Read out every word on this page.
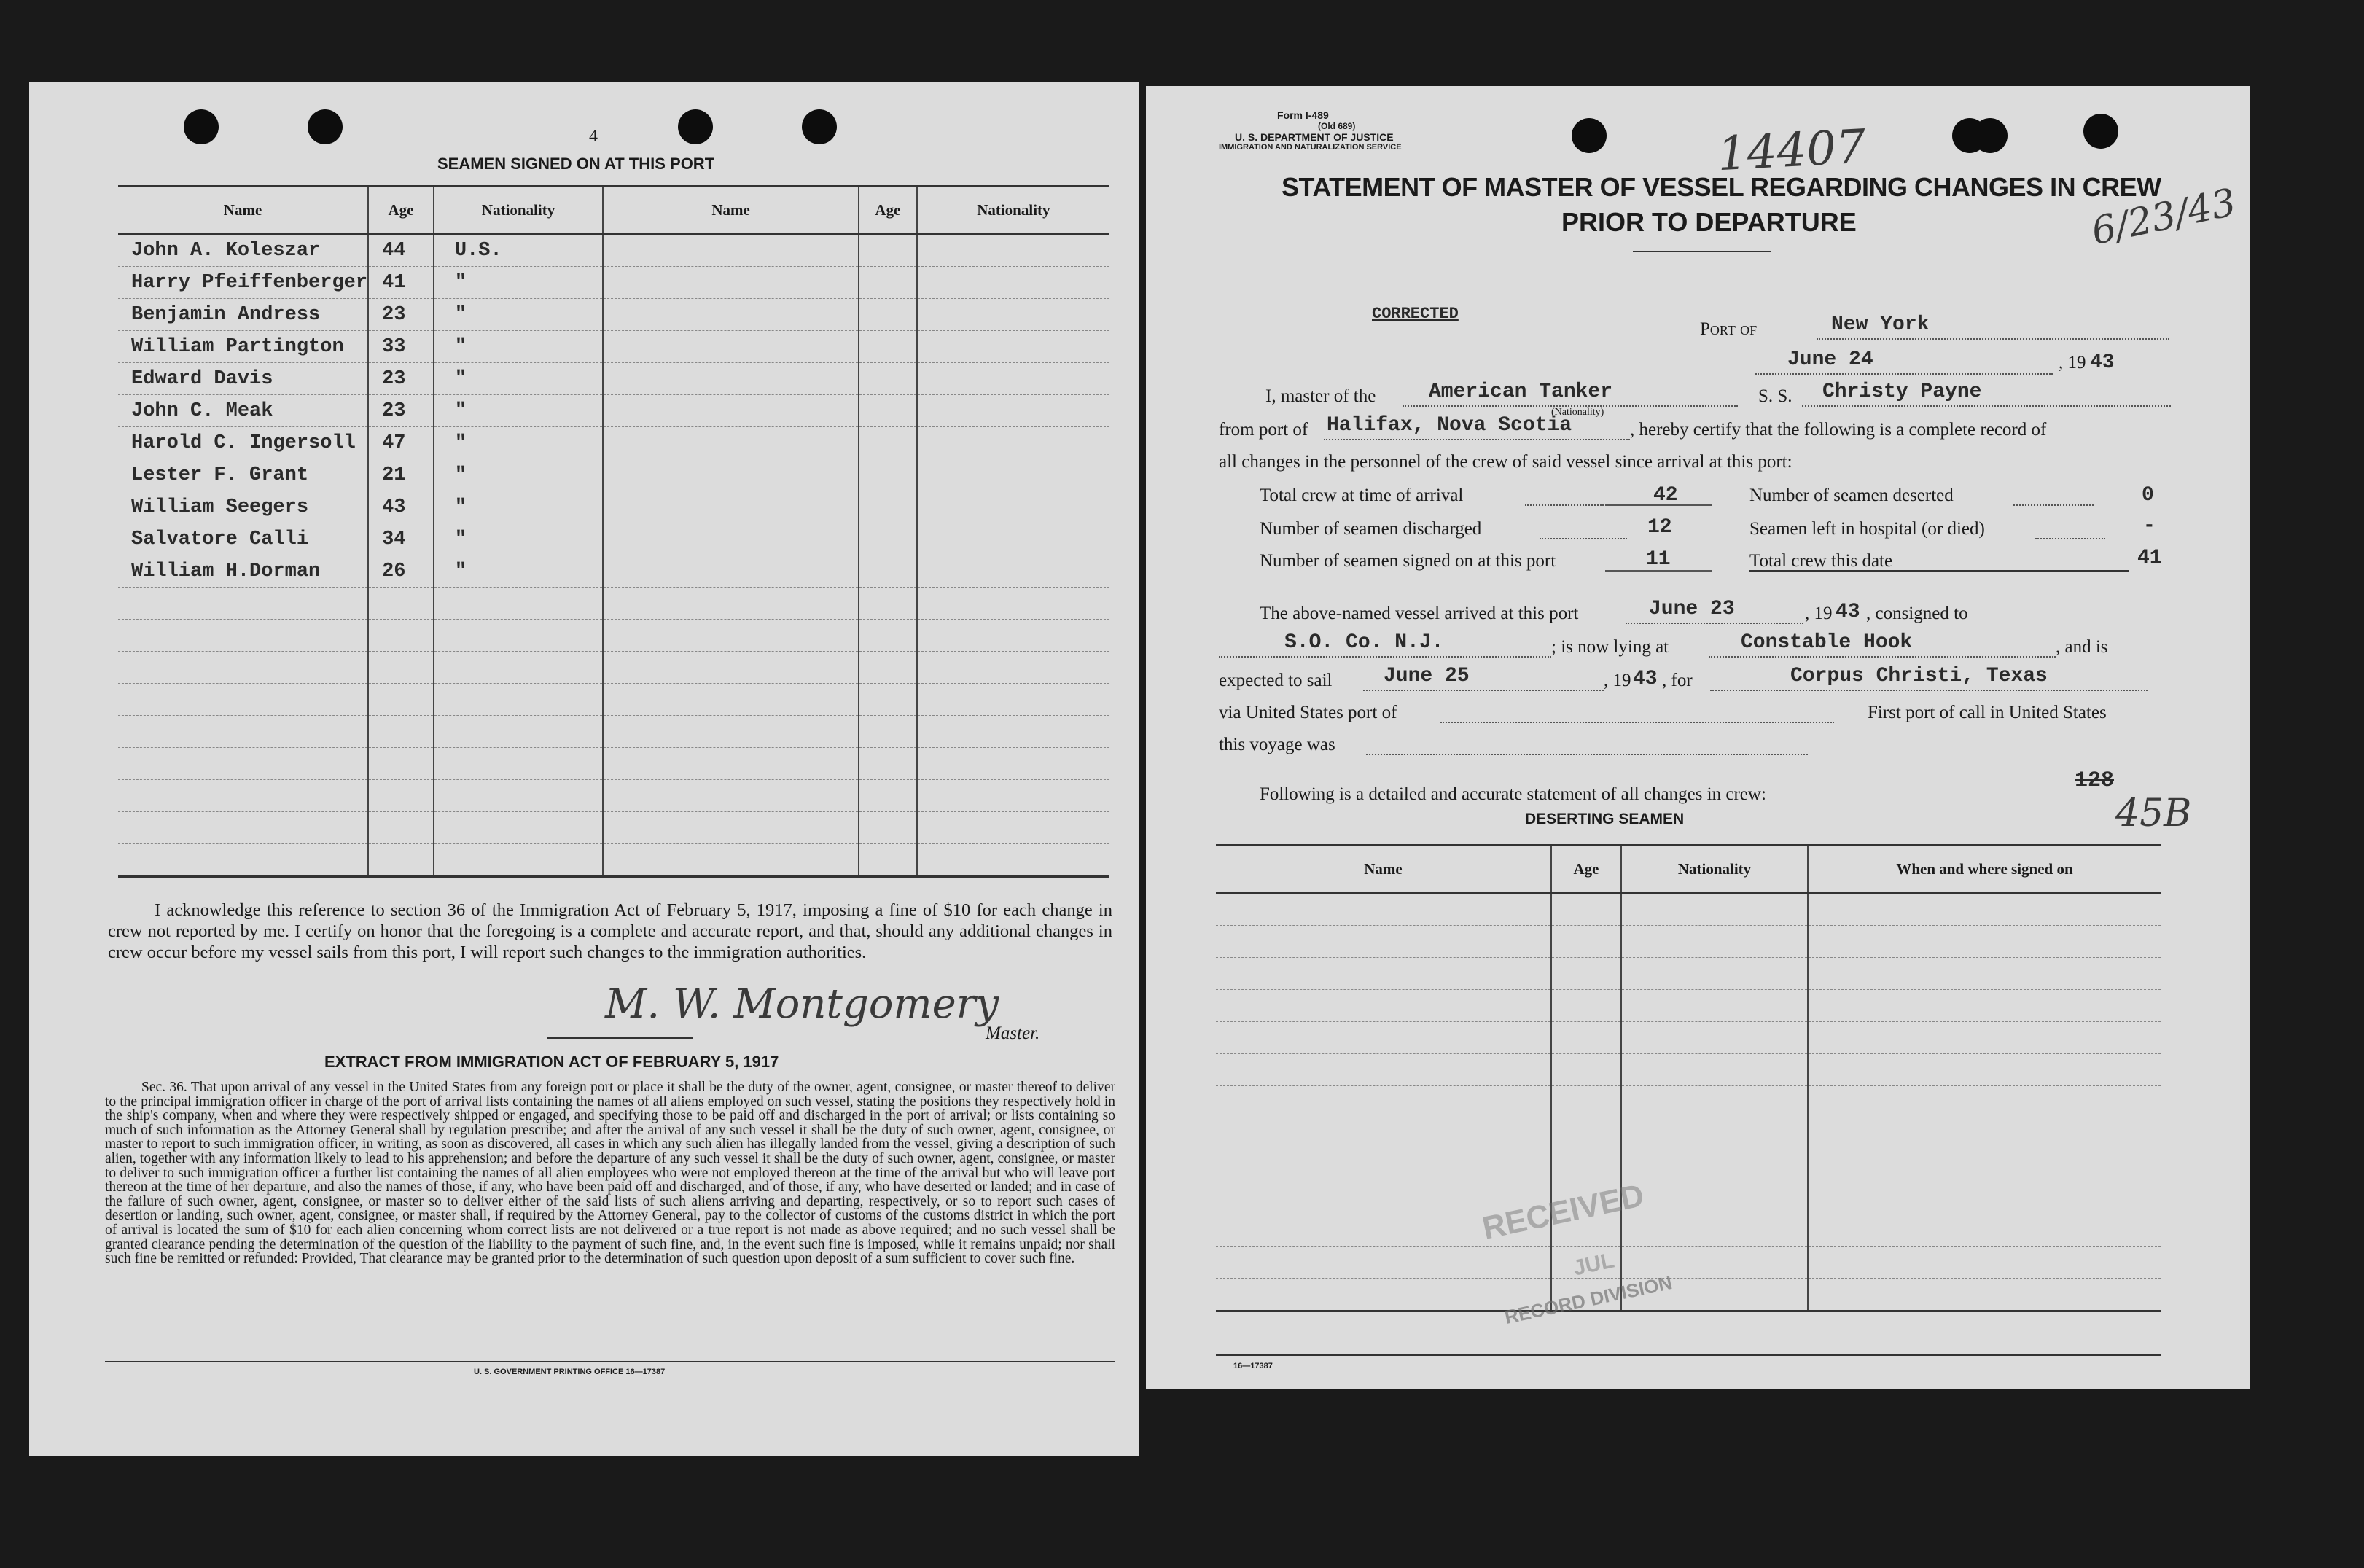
4
SEAMEN SIGNED ON AT THIS PORT
Name	Age	Nationality	Name	Age	Nationality
John A. Koleszar	44	U.S.			
Harry Pfeiffenberger	41	"			
Benjamin Andress	23	"			
William Partington	33	"			
Edward Davis	23	"			
John C. Meak	23	"			
Harold C. Ingersoll	47	"			
Lester F. Grant	21	"			
William Seegers	43	"			
Salvatore Calli	34	"			
William H.Dorman	26	"			

I acknowledge this reference to section 36 of the Immigration Act of February 5, 1917, imposing a fine of $10 for each change in crew not reported by me. I certify on honor that the foregoing is a complete and accurate report, and that, should any additional changes in crew occur before my vessel sails from this port, I will report such changes to the immigration authorities.
M. W. Montgomery
Master.
EXTRACT FROM IMMIGRATION ACT OF FEBRUARY 5, 1917
Sec. 36. That upon arrival of any vessel in the United States from any foreign port or place it shall be the duty of the owner, agent, consignee, or master thereof to deliver to the principal immigration officer in charge of the port of arrival lists containing the names of all aliens employed on such vessel, stating the positions they respectively hold in the ship's company, when and where they were respectively shipped or engaged, and specifying those to be paid off and discharged in the port of arrival; or lists containing so much of such information as the Attorney General shall by regulation prescribe; and after the arrival of any such vessel it shall be the duty of such owner, agent, consignee, or master to report to such immigration officer, in writing, as soon as discovered, all cases in which any such alien has illegally landed from the vessel, giving a description of such alien, together with any information likely to lead to his apprehension; and before the departure of any such vessel it shall be the duty of such owner, agent, consignee, or master to deliver to such immigration officer a further list containing the names of all alien employees who were not employed thereon at the time of the arrival but who will leave port thereon at the time of her departure, and also the names of those, if any, who have been paid off and discharged, and of those, if any, who have deserted or landed; and in case of the failure of such owner, agent, consignee, or master so to deliver either of the said lists of such aliens arriving and departing, respectively, or so to report such cases of desertion or landing, such owner, agent, consignee, or master shall, if required by the Attorney General, pay to the collector of customs of the customs district in which the port of arrival is located the sum of $10 for each alien concerning whom correct lists are not delivered or a true report is not made as above required; and no such vessel shall be granted clearance pending the determination of the question of the liability to the payment of such fine, and, in the event such fine is imposed, while it remains unpaid; nor shall such fine be remitted or refunded: Provided, That clearance may be granted prior to the determination of such question upon deposit of a sum sufficient to cover such fine.
U. S. GOVERNMENT PRINTING OFFICE 16—17387
Form I-489
(Old 689)
U. S. DEPARTMENT OF JUSTICE
IMMIGRATION AND NATURALIZATION SERVICE	14407
6/23/43
STATEMENT OF MASTER OF VESSEL REGARDING CHANGES IN CREW
PRIOR TO DEPARTURE
CORRECTED
Port of	New York
June 24	, 19 43
I, master of the	American Tanker
(Nationality)
S. S.	Christy Payne
from port of Halifax, Nova Scotia	, hereby certify that the following is a complete record of
all changes in the personnel of the crew of said vessel since arrival at this port:
Total crew at time of arrival	42	Number of seamen deserted	0
Number of seamen discharged	12	Seamen left in hospital (or died)	-
Number of seamen signed on at this port	11	Total crew this date	41
The above-named vessel arrived at this port	June 23	, 19 43 , consigned to
S.O. Co. N.J.	; is now lying at	Constable Hook	, and is
expected to sail	June 25	, 19 43 , for	Corpus Christi, Texas
via United States port of	First port of call in United States
this voyage was
Following is a detailed and accurate statement of all changes in crew:
DESERTING SEAMEN
128
45B
Name	Age	Nationality	When and where signed on

RECEIVED
JUL
RECORD DIVISION
16—17387
